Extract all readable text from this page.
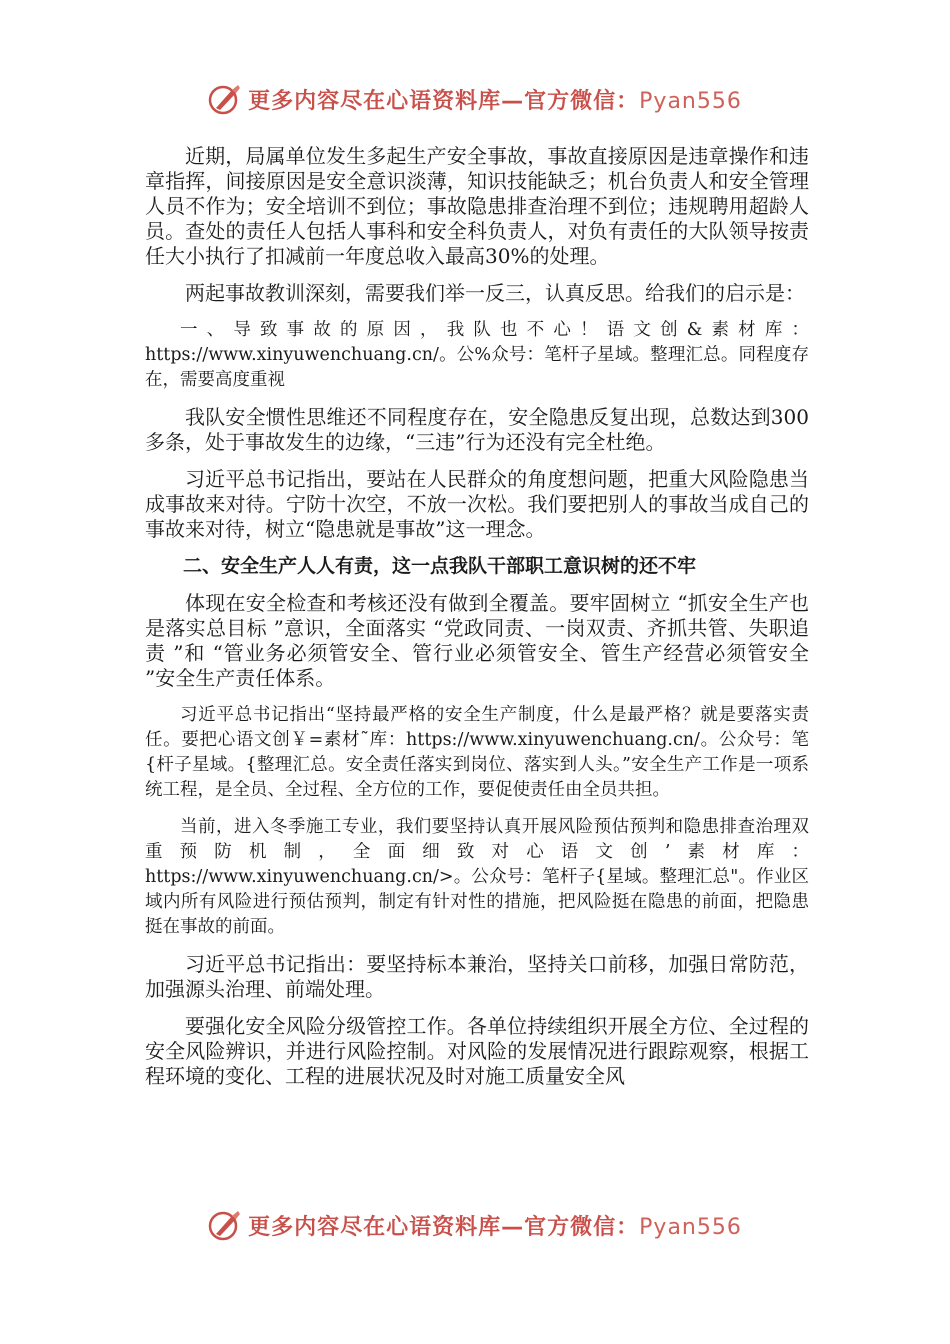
更多内容尽在心语资料库—官方微信：Pyan556

近期，局属单位发生多起生产安全事故，事故直接原因是违章操作和违章指挥，间接原因是安全意识淡薄，知识技能缺乏；机台负责人和安全管理人员不作为；安全培训不到位；事故隐患排查治理不到位；违规聘用超龄人员。查处的责任人包括人事科和安全科负责人，对负有责任的大队领导按责任大小执行了扣减前一年度总收入最高30%的处理。

两起事故教训深刻，需要我们举一反三，认真反思。给我们的启示是：

一、导致事故的原因，我队也不心！语文创&素材库：https://www.xinyuwenchuang.cn/。公%众号：笔杆子星域。整理汇总。同程度存在，需要高度重视

我队安全惯性思维还不同程度存在，安全隐患反复出现，总数达到300多条，处于事故发生的边缘，“三违”行为还没有完全杜绝。

习近平总书记指出，要站在人民群众的角度想问题，把重大风险隐患当成事故来对待。宁防十次空，不放一次松。我们要把别人的事故当成自己的事故来对待，树立“隐患就是事故”这一理念。

二、安全生产人人有责，这一点我队干部职工意识树的还不牢

体现在安全检查和考核还没有做到全覆盖。要牢固树立 “抓安全生产也是落实总目标 ”意识，全面落实 “党政同责、一岗双责、齐抓共管、失职追责 ”和 “管业务必须管安全、管行业必须管安全、管生产经营必须管安全 ”安全生产责任体系。

习近平总书记指出“坚持最严格的安全生产制度，什么是最严格？就是要落实责任。要把心语文创￥=素材˜库：https://www.xinyuwenchuang.cn/。公众号：笔{杆子星域。{整理汇总。安全责任落实到岗位、落实到人头。”安全生产工作是一项系统工程，是全员、全过程、全方位的工作，要促使责任由全员共担。

当前，进入冬季施工专业，我们要坚持认真开展风险预估预判和隐患排查治理双重预防机制，全面细致对心语文创’素材库：https://www.xinyuwenchuang.cn/>。公众号：笔杆子{星域。整理汇总"。作业区域内所有风险进行预估预判，制定有针对性的措施，把风险挺在隐患的前面，把隐患挺在事故的前面。

习近平总书记指出：要坚持标本兼治，坚持关口前移，加强日常防范，加强源头治理、前端处理。

要强化安全风险分级管控工作。各单位持续组织开展全方位、全过程的安全风险辨识，并进行风险控制。对风险的发展情况进行跟踪观察，根据工程环境的变化、工程的进展状况及时对施工质量安全风

更多内容尽在心语资料库—官方微信：Pyan556
